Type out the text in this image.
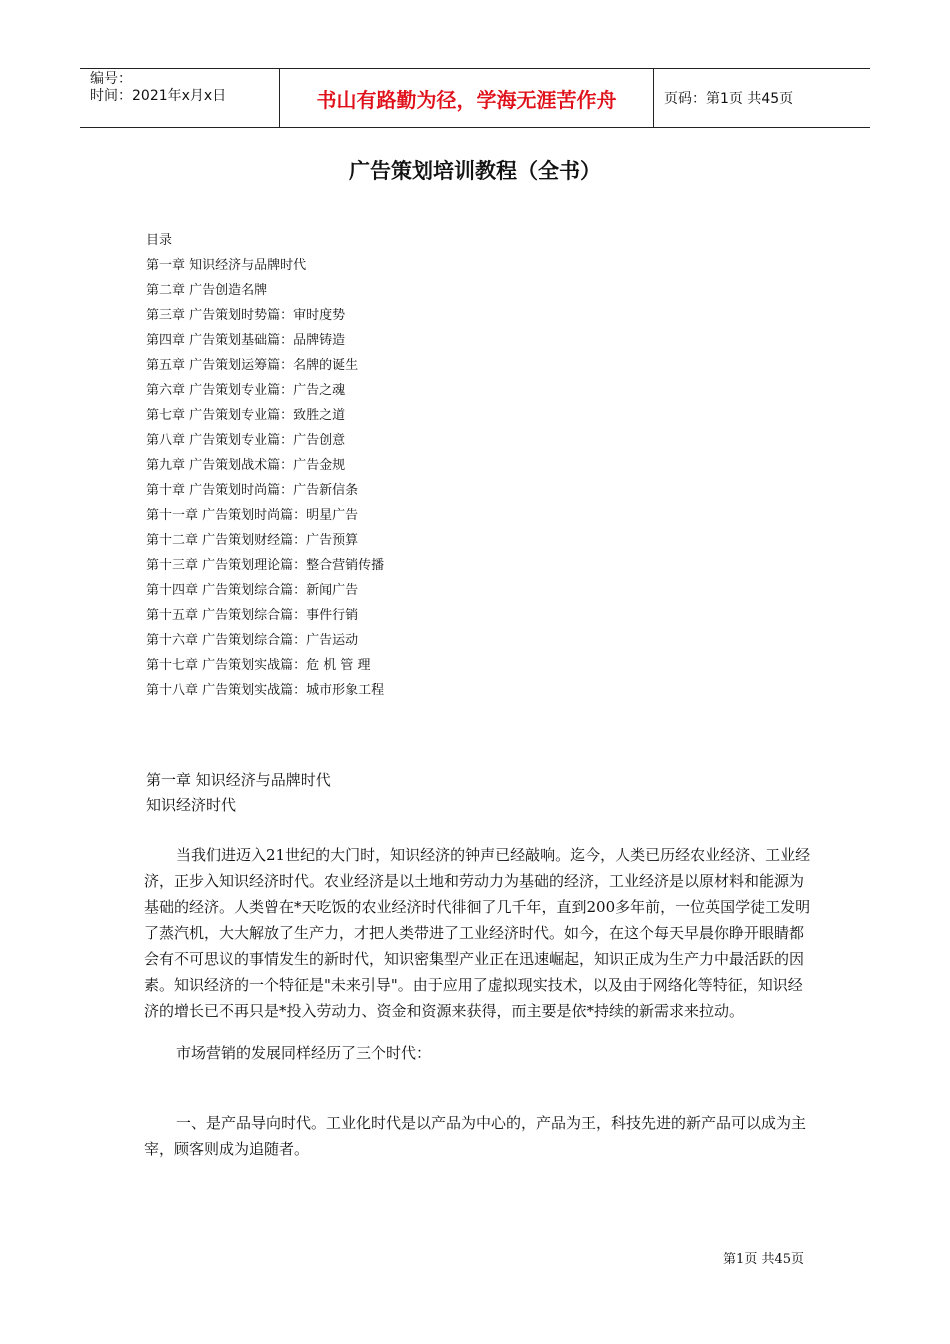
编号：
时间：2021年x月x日	书山有路勤为径，学海无涯苦作舟	页码：第1页 共45页
广告策划培训教程（全书）
目录
第一章 知识经济与品牌时代
第二章 广告创造名牌
第三章 广告策划时势篇：审时度势
第四章 广告策划基础篇：品牌铸造
第五章 广告策划运筹篇：名牌的诞生
第六章 广告策划专业篇：广告之魂
第七章 广告策划专业篇：致胜之道
第八章 广告策划专业篇：广告创意
第九章 广告策划战术篇：广告金规
第十章 广告策划时尚篇：广告新信条
第十一章 广告策划时尚篇：明星广告
第十二章 广告策划财经篇：广告预算
第十三章 广告策划理论篇：整合营销传播
第十四章 广告策划综合篇：新闻广告
第十五章 广告策划综合篇：事件行销
第十六章 广告策划综合篇：广告运动
第十七章 广告策划实战篇：危 机 管 理
第十八章 广告策划实战篇：城市形象工程
第一章 知识经济与品牌时代
知识经济时代
当我们进迈入21世纪的大门时，知识经济的钟声已经敲响。迄今，人类已历经农业经济、工业经济，正步入知识经济时代。农业经济是以土地和劳动力为基础的经济，工业经济是以原材料和能源为基础的经济。人类曾在*天吃饭的农业经济时代徘徊了几千年，直到200多年前，一位英国学徒工发明了蒸汽机，大大解放了生产力，才把人类带进了工业经济时代。如今，在这个每天早晨你睁开眼睛都会有不可思议的事情发生的新时代，知识密集型产业正在迅速崛起，知识正成为生产力中最活跃的因素。知识经济的一个特征是"未来引导"。由于应用了虚拟现实技术，以及由于网络化等特征，知识经济的增长已不再只是*投入劳动力、资金和资源来获得，而主要是依*持续的新需求来拉动。
市场营销的发展同样经历了三个时代：
一、是产品导向时代。工业化时代是以产品为中心的，产品为王，科技先进的新产品可以成为主宰，顾客则成为追随者。
第1页 共45页
